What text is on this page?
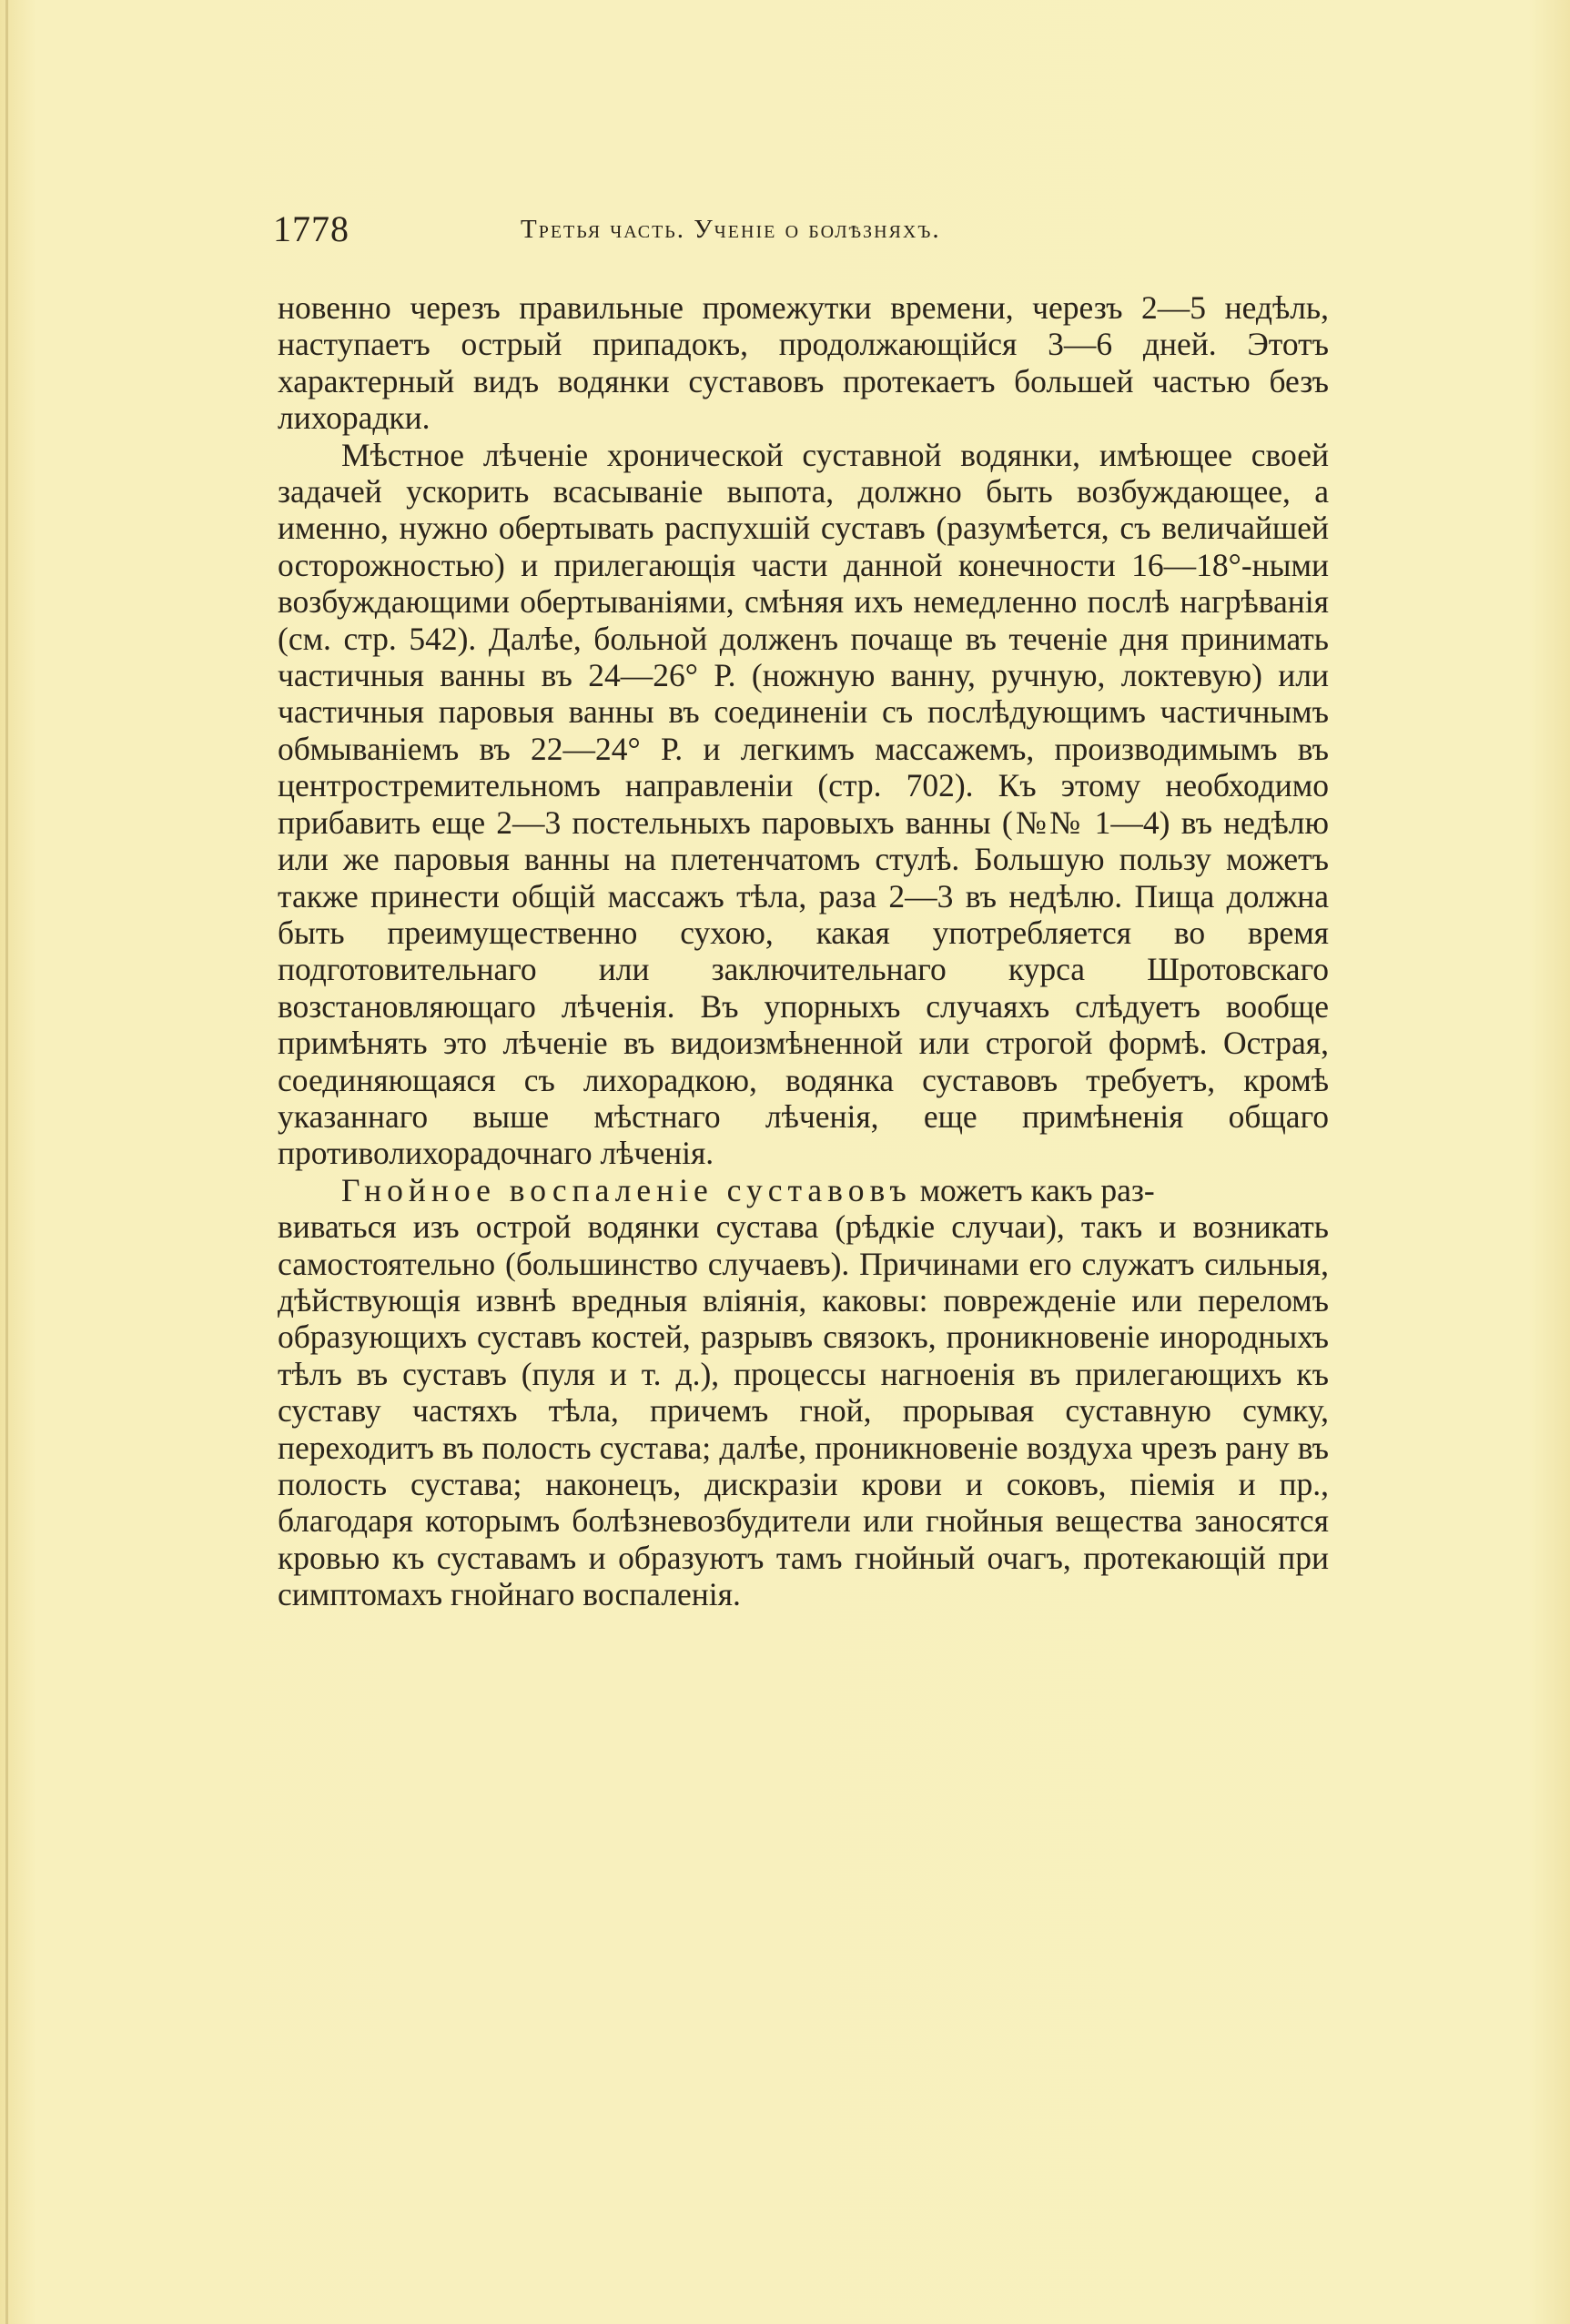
1778	Третья часть. Ученіе о болѣзняхъ.

новенно черезъ правильные промежутки времени, черезъ 2—5 недѣль, наступаетъ острый припадокъ, продолжающійся 3—6 дней. Этотъ характерный видъ водянки суставовъ протекаетъ большей частью безъ лихорадки.

Мѣстное лѣченіе хронической суставной водянки, имѣющее своей задачей ускорить всасываніе выпота, должно быть возбуждающее, а именно, нужно обертывать распухшій суставъ (разумѣется, съ величайшей осторожностью) и прилегающія части данной конечности 16—18°-ными возбуждающими обертываніями, смѣняя ихъ немедленно послѣ нагрѣванія (см. стр. 542). Далѣе, больной долженъ почаще въ теченіе дня принимать частичныя ванны въ 24—26° Р. (ножную ванну, ручную, локтевую) или частичныя паровыя ванны въ соединеніи съ послѣдующимъ частичнымъ обмываніемъ въ 22—24° Р. и легкимъ массажемъ, производимымъ въ центростремительномъ направленіи (стр. 702). Къ этому необходимо прибавить еще 2—3 постельныхъ паровыхъ ванны (№№ 1—4) въ недѣлю или же паровыя ванны на плетенчатомъ стулѣ. Большую пользу можетъ также принести общій массажъ тѣла, раза 2—3 въ недѣлю. Пища должна быть преимущественно сухою, какая употребляется во время подготовительнаго или заключительнаго курса Шротовскаго возстановляющаго лѣченія. Въ упорныхъ случаяхъ слѣдуетъ вообще примѣнять это лѣченіе въ видоизмѣненной или строгой формѣ. Острая, соединяющаяся съ лихорадкою, водянка суставовъ требуетъ, кромѣ указаннаго выше мѣстнаго лѣченія, еще примѣненія общаго противолихорадочнаго лѣченія.

Гнойное воспаленіе суставовъ можетъ какъ раз-

виваться изъ острой водянки сустава (рѣдкіе случаи), такъ и возникать самостоятельно (большинство случаевъ). Причинами его служатъ сильныя, дѣйствующія извнѣ вредныя вліянія, каковы: поврежденіе или переломъ образующихъ суставъ костей, разрывъ связокъ, проникновеніе инородныхъ тѣлъ въ суставъ (пуля и т. д.), процессы нагноенія въ прилегающихъ къ суставу частяхъ тѣла, причемъ гной, прорывая суставную сумку, переходитъ въ полость сустава; далѣе, проникновеніе воздуха чрезъ рану въ полость сустава; наконецъ, дискразіи крови и соковъ, піемія и пр., благодаря которымъ болѣзневозбудители или гнойныя вещества заносятся кровью къ суставамъ и образуютъ тамъ гнойный очагъ, протекающій при симптомахъ гнойнаго воспаленія.
